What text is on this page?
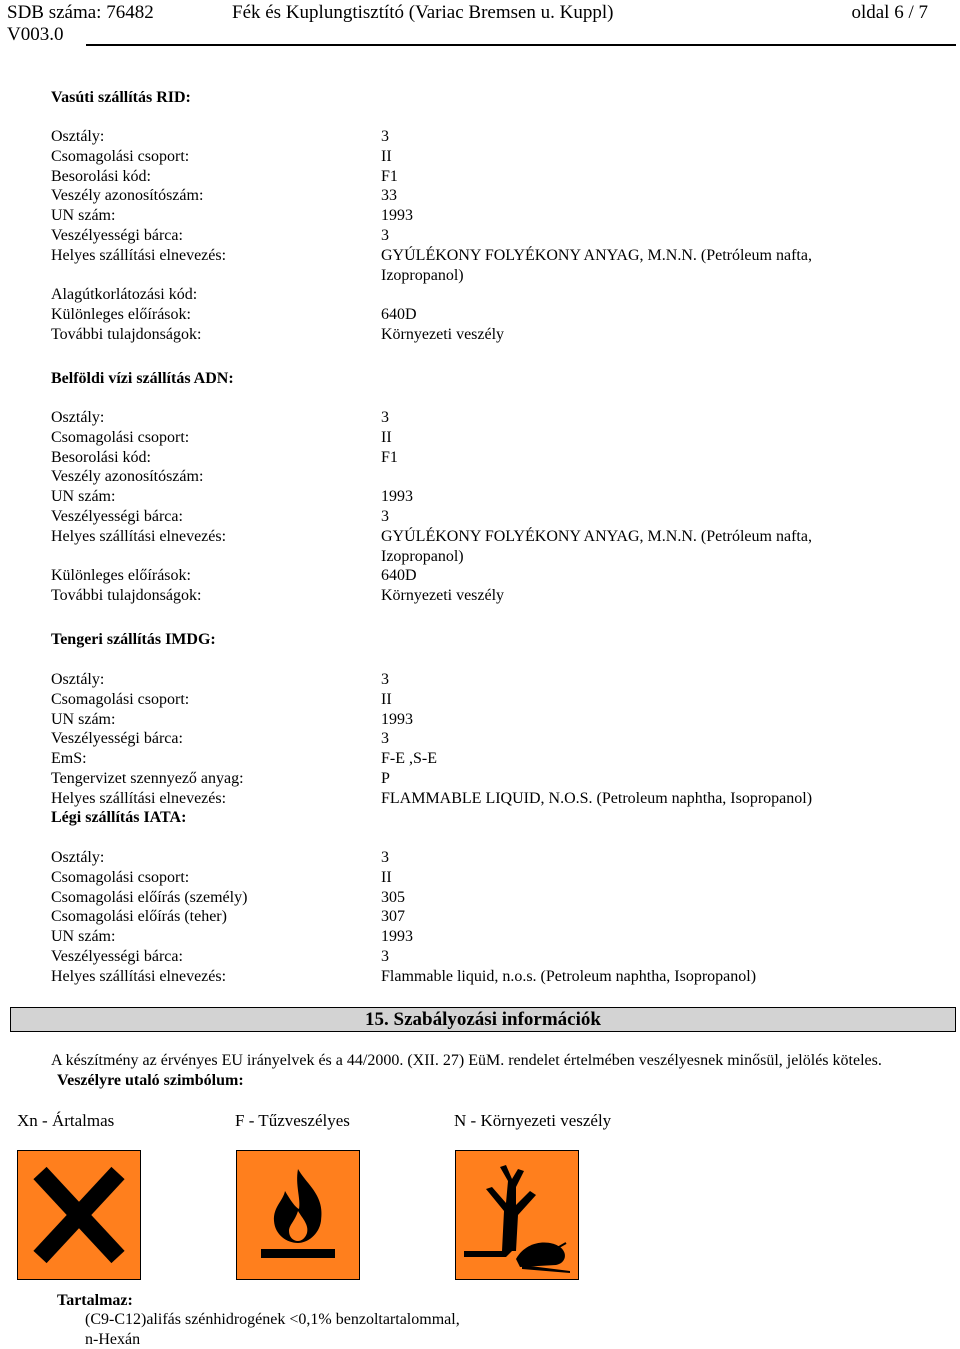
SDB száma: 76482
V003.0
Fék és Kuplungtisztító (Variac Bremsen u. Kuppl)	oldal 6 / 7
Vasúti szállítás RID:
Osztály:	3
Csomagolási csoport:	II
Besorolási kód:	F1
Veszély azonosítószám:	33
UN szám:	1993
Veszélyességi bárca:	3
Helyes szállítási elnevezés:	GYÚLÉKONY FOLYÉKONY ANYAG, M.N.N. (Petróleum nafta,
Izopropanol)
Alagútkorlátozási kód:
Különleges előírások:	640D
További tulajdonságok:	Környezeti veszély
Belföldi vízi szállítás ADN:
Osztály:	3
Csomagolási csoport:	II
Besorolási kód:	F1
Veszély azonosítószám:
UN szám:	1993
Veszélyességi bárca:	3
Helyes szállítási elnevezés:	GYÚLÉKONY FOLYÉKONY ANYAG, M.N.N. (Petróleum nafta,
Izopropanol)
Különleges előírások:	640D
További tulajdonságok:	Környezeti veszély
Tengeri szállítás IMDG:
Osztály:	3
Csomagolási csoport:	II
UN szám:	1993
Veszélyességi bárca:	3
EmS:	F-E ,S-E
Tengervizet szennyező anyag:	P
Helyes szállítási elnevezés:	FLAMMABLE LIQUID, N.O.S. (Petroleum naphtha, Isopropanol)
Légi szállítás IATA:
Osztály:	3
Csomagolási csoport:	II
Csomagolási előírás (személy)	305
Csomagolási előírás (teher)	307
UN szám:	1993
Veszélyességi bárca:	3
Helyes szállítási elnevezés:	Flammable liquid, n.o.s. (Petroleum naphtha, Isopropanol)
15. Szabályozási információk
A készítmény az érvényes EU irányelvek és a 44/2000. (XII. 27) EüM. rendelet értelmében veszélyesnek minősül, jelölés köteles.
Veszélyre utaló szimbólum:
Xn - Ártalmas	F - Tűzveszélyes	N - Környezeti veszély
Tartalmaz:
(C9-C12)alifás szénhidrogének <0,1% benzoltartalommal,
n-Hexán
